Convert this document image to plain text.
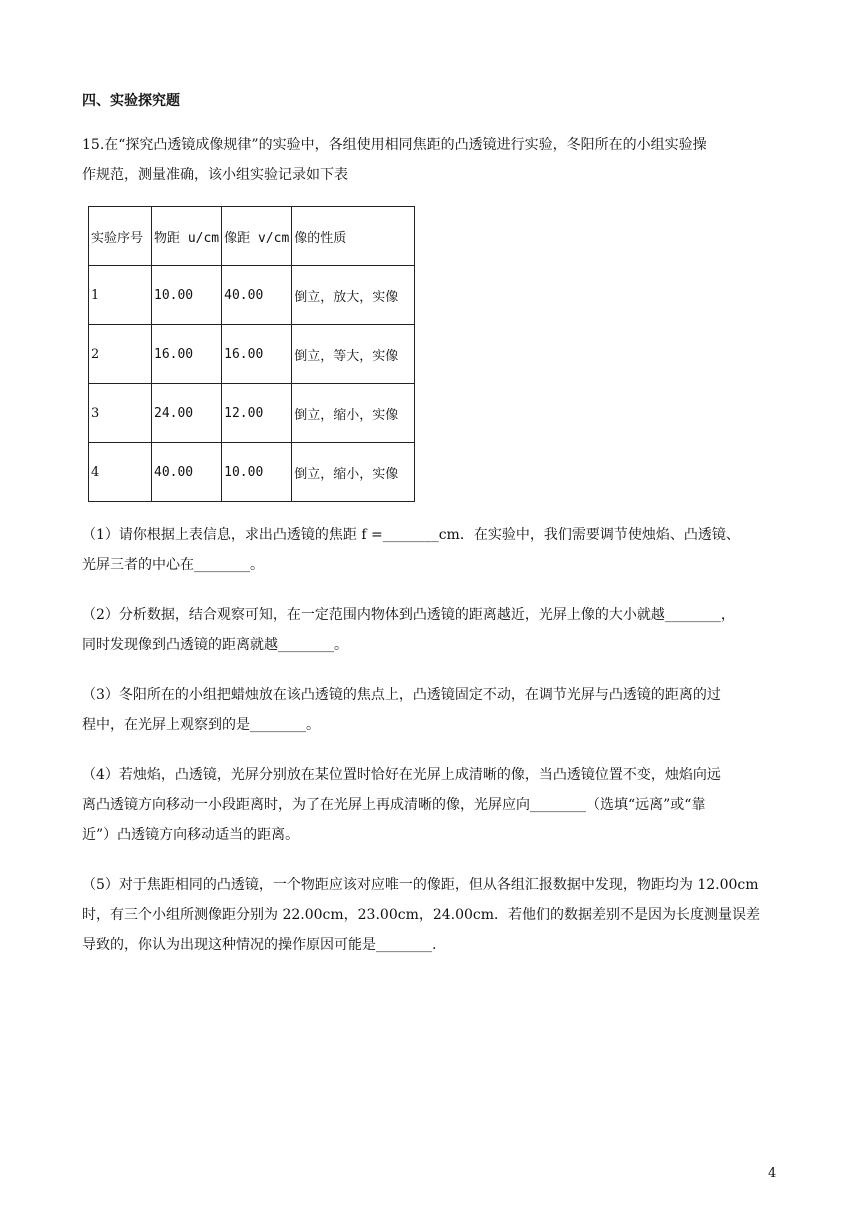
四、实验探究题
15.在“探究凸透镜成像规律”的实验中，各组使用相同焦距的凸透镜进行实验，冬阳所在的小组实验操
作规范，测量准确，该小组实验记录如下表
实验序号	物距 u/cm	像距 v/cm	像的性质
1	10.00	40.00	倒立，放大，实像
2	16.00	16.00	倒立，等大，实像
3	24.00	12.00	倒立，缩小，实像
4	40.00	10.00	倒立，缩小，实像
（1）请你根据上表信息，求出凸透镜的焦距 f =________cm．在实验中，我们需要调节使烛焰、凸透镜、
光屏三者的中心在________。
（2）分析数据，结合观察可知，在一定范围内物体到凸透镜的距离越近，光屏上像的大小就越________，
同时发现像到凸透镜的距离就越________。
（3）冬阳所在的小组把蜡烛放在该凸透镜的焦点上，凸透镜固定不动，在调节光屏与凸透镜的距离的过
程中，在光屏上观察到的是________。
（4）若烛焰，凸透镜，光屏分别放在某位置时恰好在光屏上成清晰的像，当凸透镜位置不变，烛焰向远
离凸透镜方向移动一小段距离时，为了在光屏上再成清晰的像，光屏应向________（选填“远离”或“靠
近”）凸透镜方向移动适当的距离。
（5）对于焦距相同的凸透镜，一个物距应该对应唯一的像距，但从各组汇报数据中发现，物距均为 12.00cm
时，有三个小组所测像距分别为 22.00cm，23.00cm，24.00cm．若他们的数据差别不是因为长度测量误差
导致的，你认为出现这种情况的操作原因可能是________.
4
